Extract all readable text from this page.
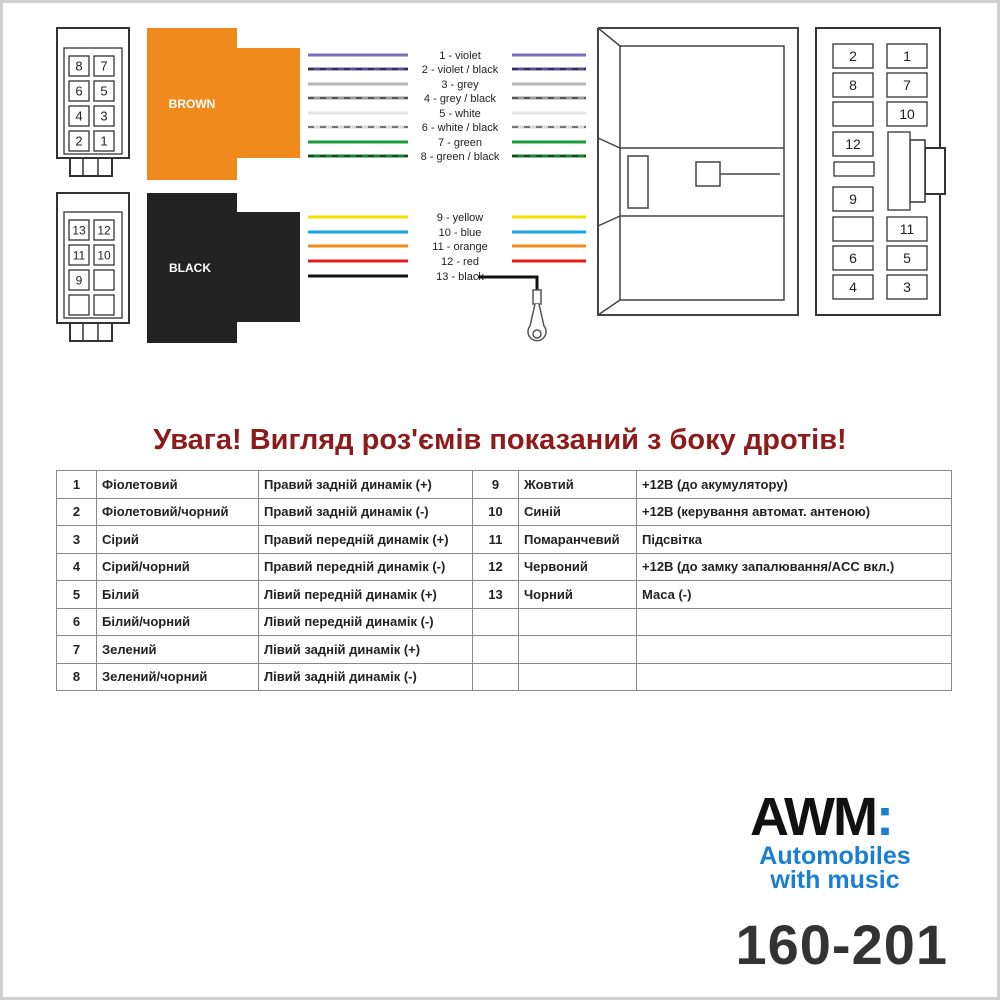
8 7
6 5
4 3
2 1
13 12
11 10
9
BROWN
BLACK
1 - violet
2 - violet / black
3 - grey
4 - grey / black
5 - white
6 - white / black
7 - green
8 - green / black
9 - yellow
10 - blue
11 - orange
12 - red
13 - black
2	1
8	7
10
12
9
11
6	5
4	3
Увага! Вигляд роз'ємів показаний з боку дротів!
1	Фіолетовий	Правий задній динамік (+)	9	Жовтий	+12В (до акумулятору)
2	Фіолетовий/чорний	Правий задній динамік (-)	10	Синій	+12В (керування автомат. антеною)
3	Сірий	Правий передній динамік (+)	11	Помаранчевий	Підсвітка
4	Сірий/чорний	Правий передній динамік (-)	12	Червоний	+12В (до замку запалювання/ACC вкл.)
5	Білий	Лівий передній динамік (+)	13	Чорний	Маса (-)
6	Білий/чорний	Лівий передній динамік (-)			
7	Зелений	Лівий задній динамік (+)			
8	Зелений/чорний	Лівий задній динамік (-)			
AWM:
Automobiles
with music

160-201
